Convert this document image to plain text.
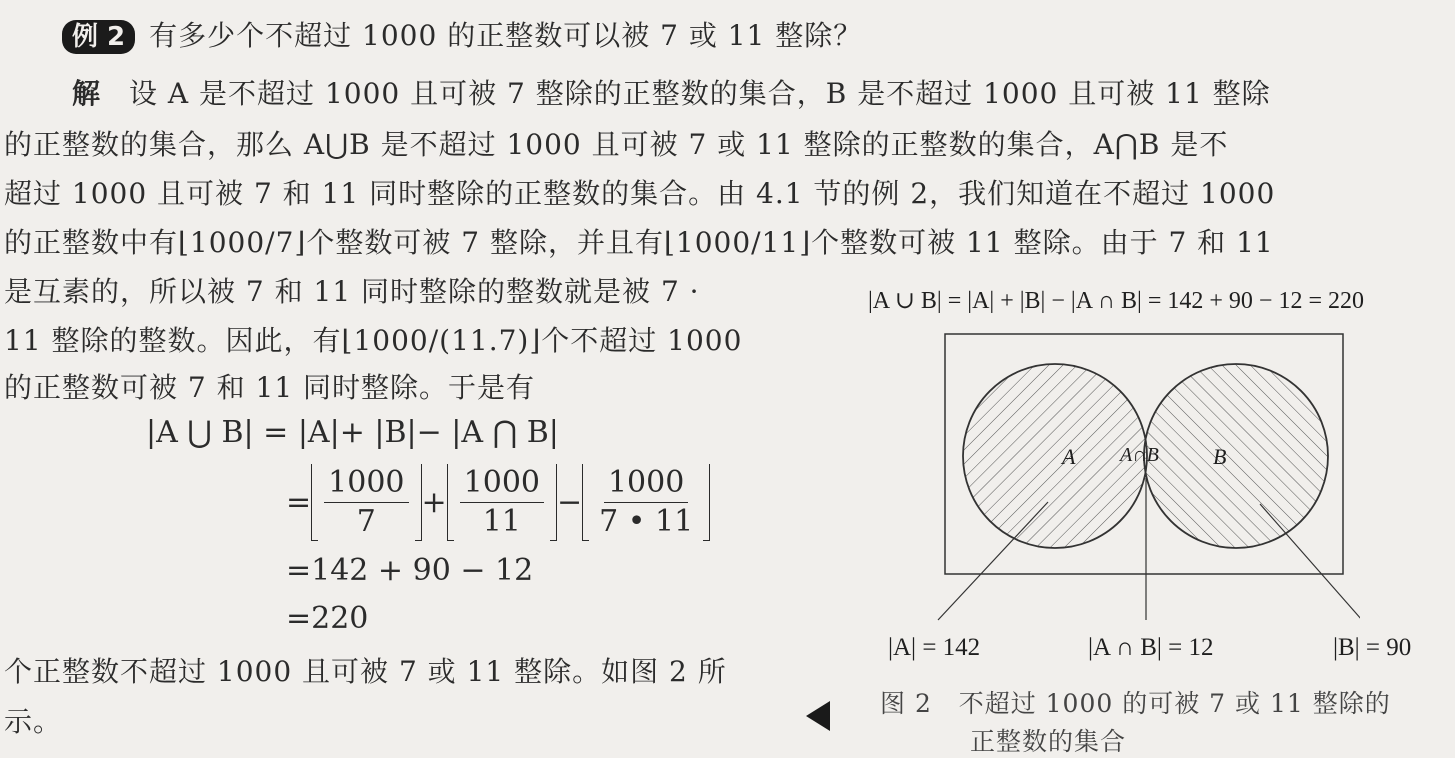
例 2 有多少个不超过 1000 的正整数可以被 7 或 11 整除？
解 设 A 是不超过 1000 且可被 7 整除的正整数的集合，B 是不超过 1000 且可被 11 整除
的正整数的集合，那么 A⋃B 是不超过 1000 且可被 7 或 11 整除的正整数的集合，A⋂B 是不
超过 1000 且可被 7 和 11 同时整除的正整数的集合。由 4.1 节的例 2，我们知道在不超过 1000
的正整数中有⌊1000/7⌋个整数可被 7 整除，并且有⌊1000/11⌋个整数可被 11 整除。由于 7 和 11
是互素的，所以被 7 和 11 同时整除的整数就是被 7 ·
11 整除的整数。因此，有⌊1000/(11.7)⌋个不超过 1000
的正整数可被 7 和 11 同时整除。于是有
|A ⋃ B| = |A|+ |B|− |A ⋂ B|
= $\frac{1000}{7} + \frac{1000}{11} - \frac{1000}{7 • 11}$
=142 + 90 − 12
=220
个正整数不超过 1000 且可被 7 或 11 整除。如图 2 所
示。
|A ∪ B| = |A| + |B| − |A ∩ B| = 142 + 90 − 12 = 220
A A∩B B
|A| = 142	|A ∩ B| = 12	|B| = 90
图 2 不超过 1000 的可被 7 或 11 整除的
正整数的集合
